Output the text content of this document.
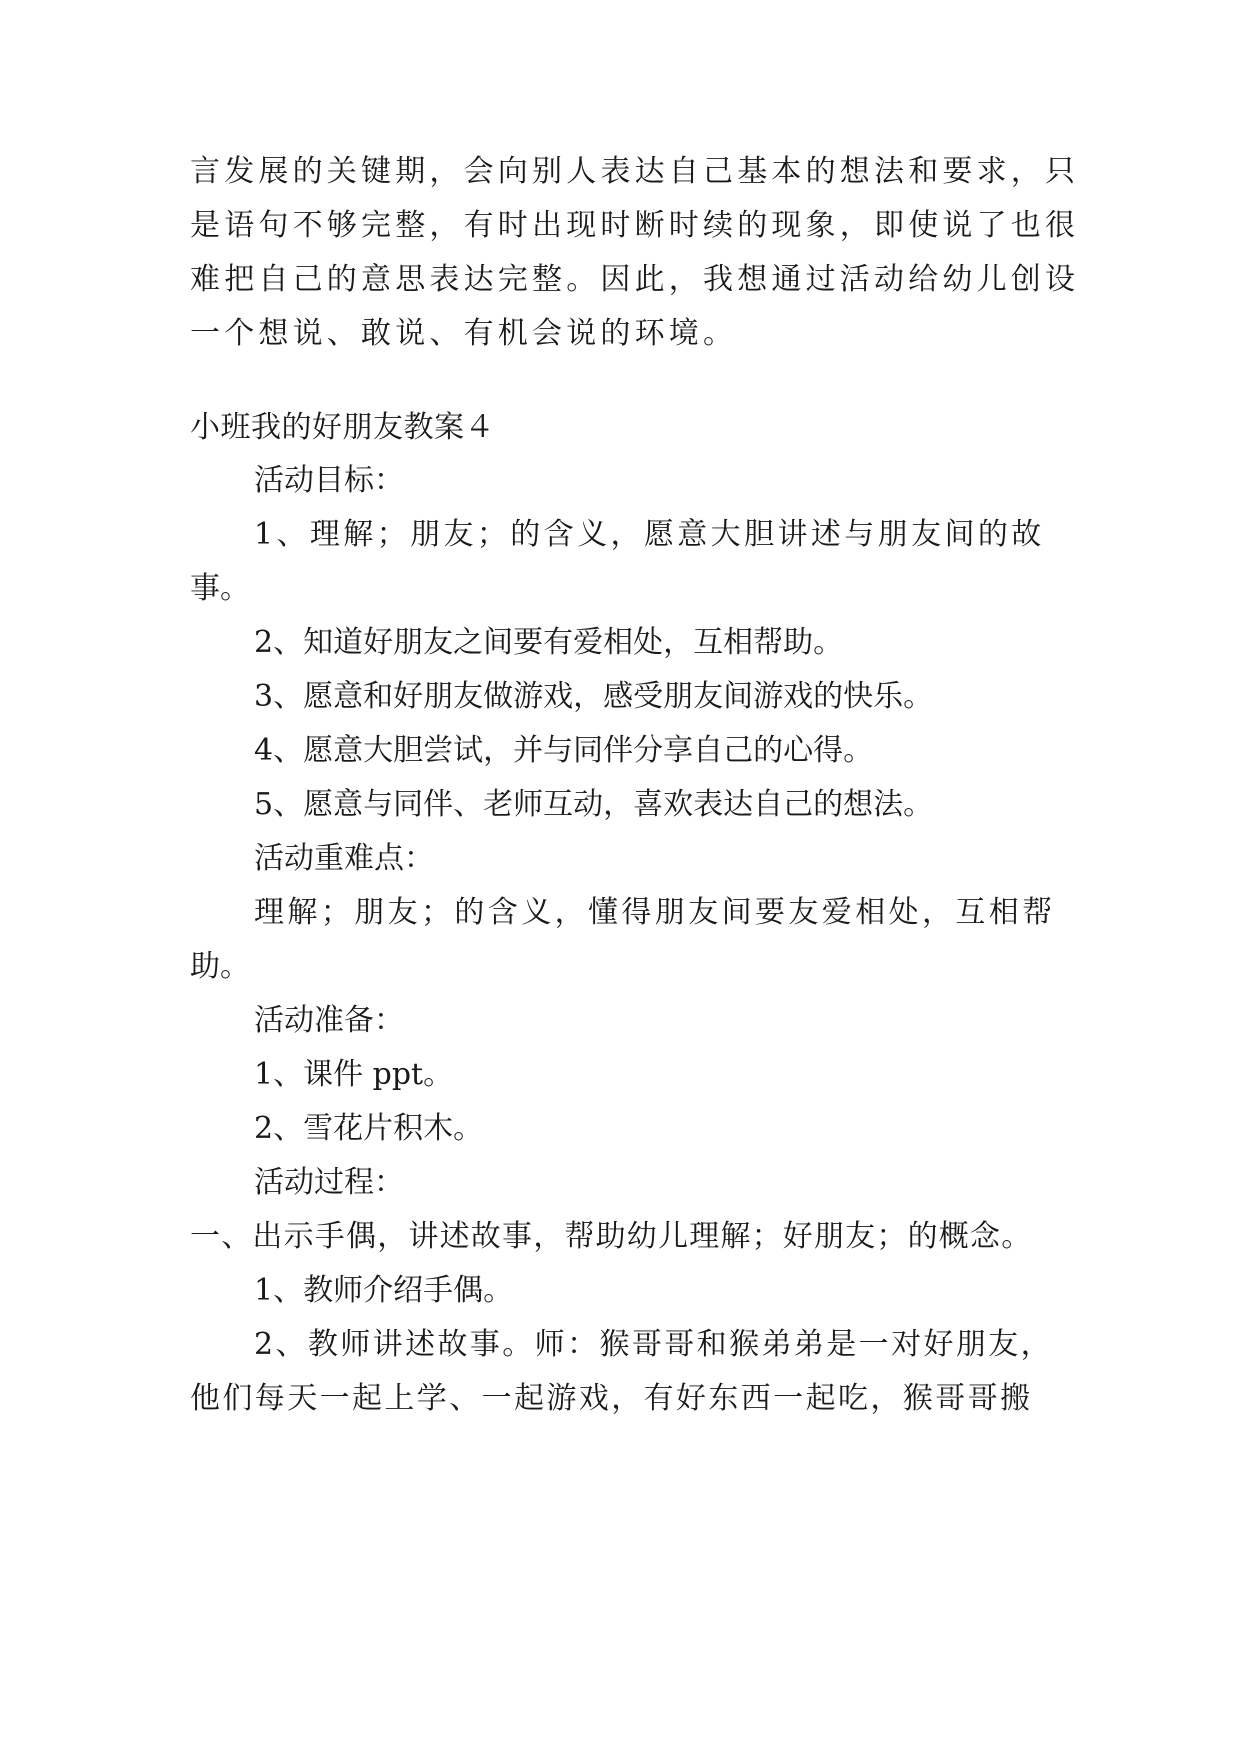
言发展的关键期，会向别人表达自己基本的想法和要求，只

是语句不够完整，有时出现时断时续的现象，即使说了也很

难把自己的意思表达完整。因此，我想通过活动给幼儿创设

一个想说、敢说、有机会说的环境。

小班我的好朋友教案４

活动目标：

1、理解；朋友；的含义，愿意大胆讲述与朋友间的故

事。

2、知道好朋友之间要有爱相处，互相帮助。

3、愿意和好朋友做游戏，感受朋友间游戏的快乐。

4、愿意大胆尝试，并与同伴分享自己的心得。

5、愿意与同伴、老师互动，喜欢表达自己的想法。

活动重难点：

理解；朋友；的含义，懂得朋友间要友爱相处，互相帮

助。

活动准备：

1、课件 ppt。

2、雪花片积木。

活动过程：

一、出示手偶，讲述故事，帮助幼儿理解；好朋友；的概念。

1、教师介绍手偶。

2、教师讲述故事。师：猴哥哥和猴弟弟是一对好朋友，

他们每天一起上学、一起游戏，有好东西一起吃，猴哥哥搬
